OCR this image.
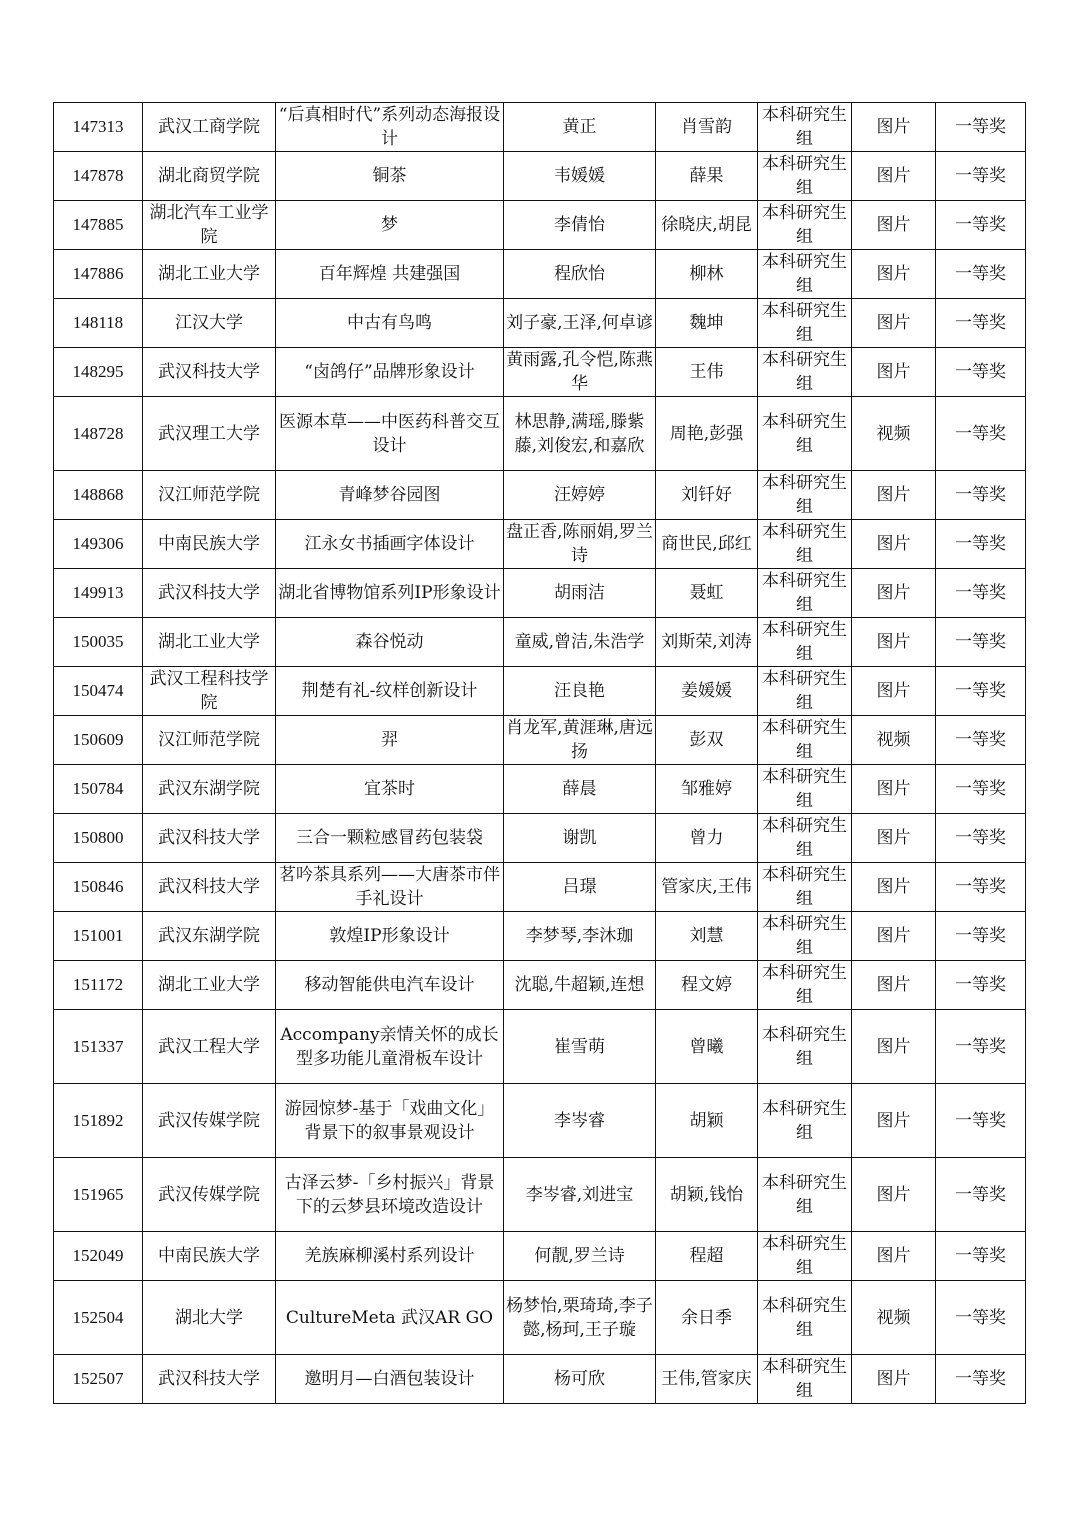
147313	武汉工商学院	“后真相时代”系列动态海报设计	黄正	肖雪韵	本科研究生组	图片	一等奖
147878	湖北商贸学院	铜茶	韦媛媛	薛果	本科研究生组	图片	一等奖
147885	湖北汽车工业学院	梦	李倩怡	徐晓庆,胡昆	本科研究生组	图片	一等奖
147886	湖北工业大学	百年辉煌 共建强国	程欣怡	柳林	本科研究生组	图片	一等奖
148118	江汉大学	中古有鸟鸣	刘子豪,王泽,何卓谚	魏坤	本科研究生组	图片	一等奖
148295	武汉科技大学	“卤鸽仔”品牌形象设计	黄雨露,孔令恺,陈燕华	王伟	本科研究生组	图片	一等奖
148728	武汉理工大学	医源本草——中医药科普交互设计	林思静,满瑶,滕紫藤,刘俊宏,和嘉欣	周艳,彭强	本科研究生组	视频	一等奖
148868	汉江师范学院	青峰梦谷园图	汪婷婷	刘钎好	本科研究生组	图片	一等奖
149306	中南民族大学	江永女书插画字体设计	盘正香,陈丽娟,罗兰诗	商世民,邱红	本科研究生组	图片	一等奖
149913	武汉科技大学	湖北省博物馆系列IP形象设计	胡雨洁	聂虹	本科研究生组	图片	一等奖
150035	湖北工业大学	森谷悦动	童威,曾洁,朱浩学	刘斯荣,刘涛	本科研究生组	图片	一等奖
150474	武汉工程科技学院	荆楚有礼-纹样创新设计	汪良艳	姜媛媛	本科研究生组	图片	一等奖
150609	汉江师范学院	羿	肖龙军,黄涯琳,唐远扬	彭双	本科研究生组	视频	一等奖
150784	武汉东湖学院	宜茶时	薛晨	邹雅婷	本科研究生组	图片	一等奖
150800	武汉科技大学	三合一颗粒感冒药包装袋	谢凯	曾力	本科研究生组	图片	一等奖
150846	武汉科技大学	茗吟茶具系列——大唐茶市伴手礼设计	吕璟	管家庆,王伟	本科研究生组	图片	一等奖
151001	武汉东湖学院	敦煌IP形象设计	李梦琴,李沐珈	刘慧	本科研究生组	图片	一等奖
151172	湖北工业大学	移动智能供电汽车设计	沈聪,牛超颖,连想	程文婷	本科研究生组	图片	一等奖
151337	武汉工程大学	Accompany亲情关怀的成长型多功能儿童滑板车设计	崔雪萌	曾曦	本科研究生组	图片	一等奖
151892	武汉传媒学院	游园惊梦-基于「戏曲文化」背景下的叙事景观设计	李岑睿	胡颖	本科研究生组	图片	一等奖
151965	武汉传媒学院	古泽云梦-「乡村振兴」背景下的云梦县环境改造设计	李岑睿,刘进宝	胡颖,钱怡	本科研究生组	图片	一等奖
152049	中南民族大学	羌族麻柳溪村系列设计	何靓,罗兰诗	程超	本科研究生组	图片	一等奖
152504	湖北大学	CultureMeta 武汉AR GO	杨梦怡,栗琦琦,李子懿,杨珂,王子璇	余日季	本科研究生组	视频	一等奖
152507	武汉科技大学	邀明月—白酒包装设计	杨可欣	王伟,管家庆	本科研究生组	图片	一等奖
